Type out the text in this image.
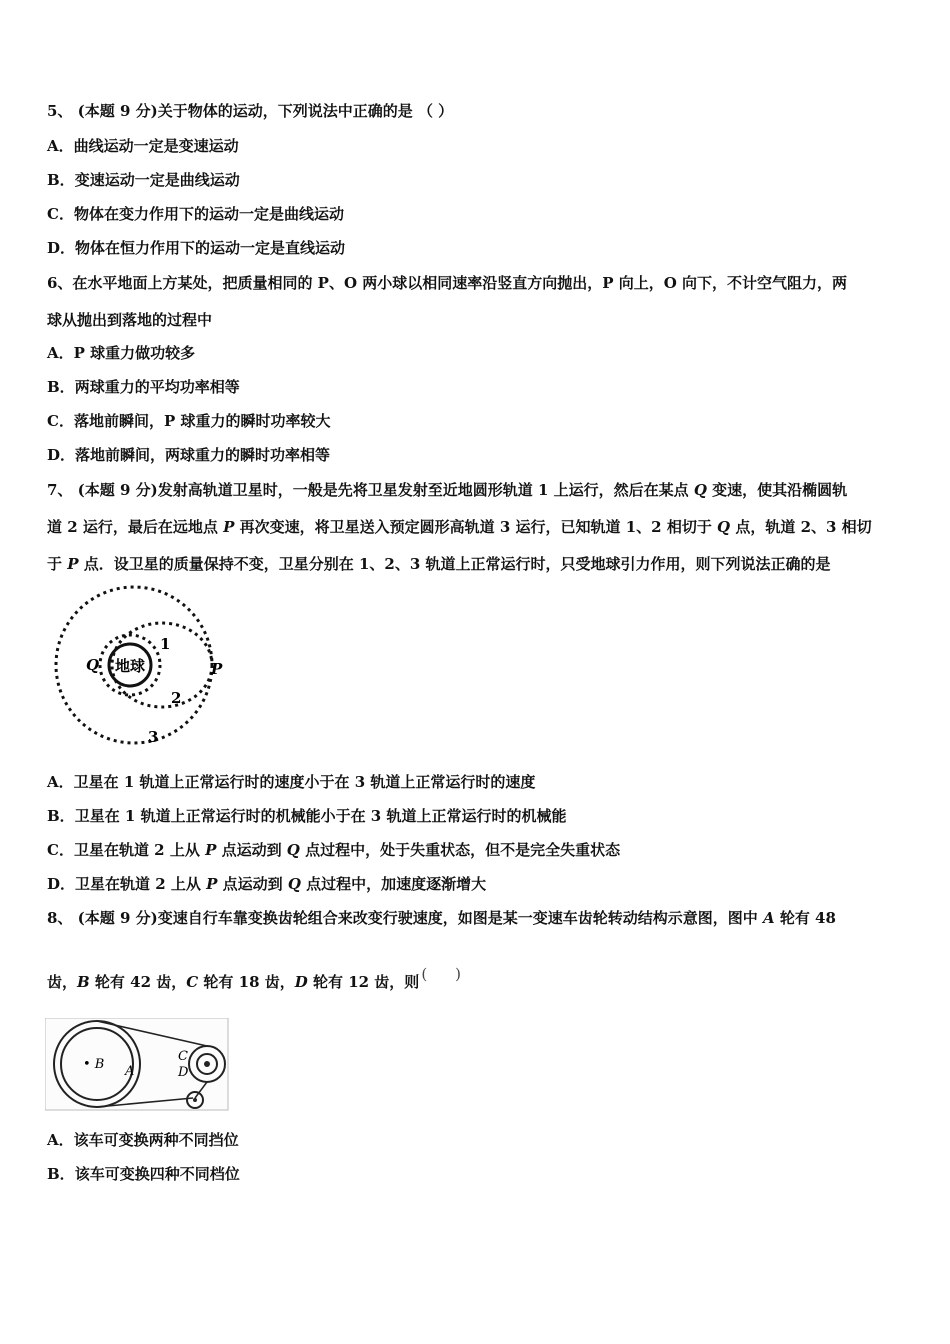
5、 (本题 9 分)关于物体的运动，下列说法中正确的是 （ ）
A．曲线运动一定是变速运动
B．变速运动一定是曲线运动
C．物体在变力作用下的运动一定是曲线运动
D．物体在恒力作用下的运动一定是直线运动
6、在水平地面上方某处，把质量相同的 P、O 两小球以相同速率沿竖直方向抛出，P 向上，O 向下，不计空气阻力，两
球从抛出到落地的过程中
A．P 球重力做功较多
B．两球重力的平均功率相等
C．落地前瞬间，P 球重力的瞬时功率较大
D．落地前瞬间，两球重力的瞬时功率相等
7、 (本题 9 分)发射高轨道卫星时，一般是先将卫星发射至近地圆形轨道 1 上运行，然后在某点 Q 变速，使其沿椭圆轨
道 2 运行，最后在远地点 P 再次变速，将卫星送入预定圆形高轨道 3 运行，已知轨道 1、2 相切于 Q 点，轨道 2、3 相切
于 P 点．设卫星的质量保持不变，卫星分别在 1、2、3 轨道上正常运行时，只受地球引力作用，则下列说法正确的是
地球
Q	P
1
2
3
A．卫星在 1 轨道上正常运行时的速度小于在 3 轨道上正常运行时的速度
B．卫星在 1 轨道上正常运行时的机械能小于在 3 轨道上正常运行时的机械能
C．卫星在轨道 2 上从 P 点运动到 Q 点过程中，处于失重状态，但不是完全失重状态
D．卫星在轨道 2 上从 P 点运动到 Q 点过程中，加速度逐渐增大
8、 (本题 9 分)变速自行车靠变换齿轮组合来改变行驶速度，如图是某一变速车齿轮转动结构示意图，图中 A 轮有 48
齿，B 轮有 42 齿，C 轮有 18 齿，D 轮有 12 齿，则 ( )
• B A
C
D
A．该车可变换两种不同挡位
B．该车可变换四种不同档位
